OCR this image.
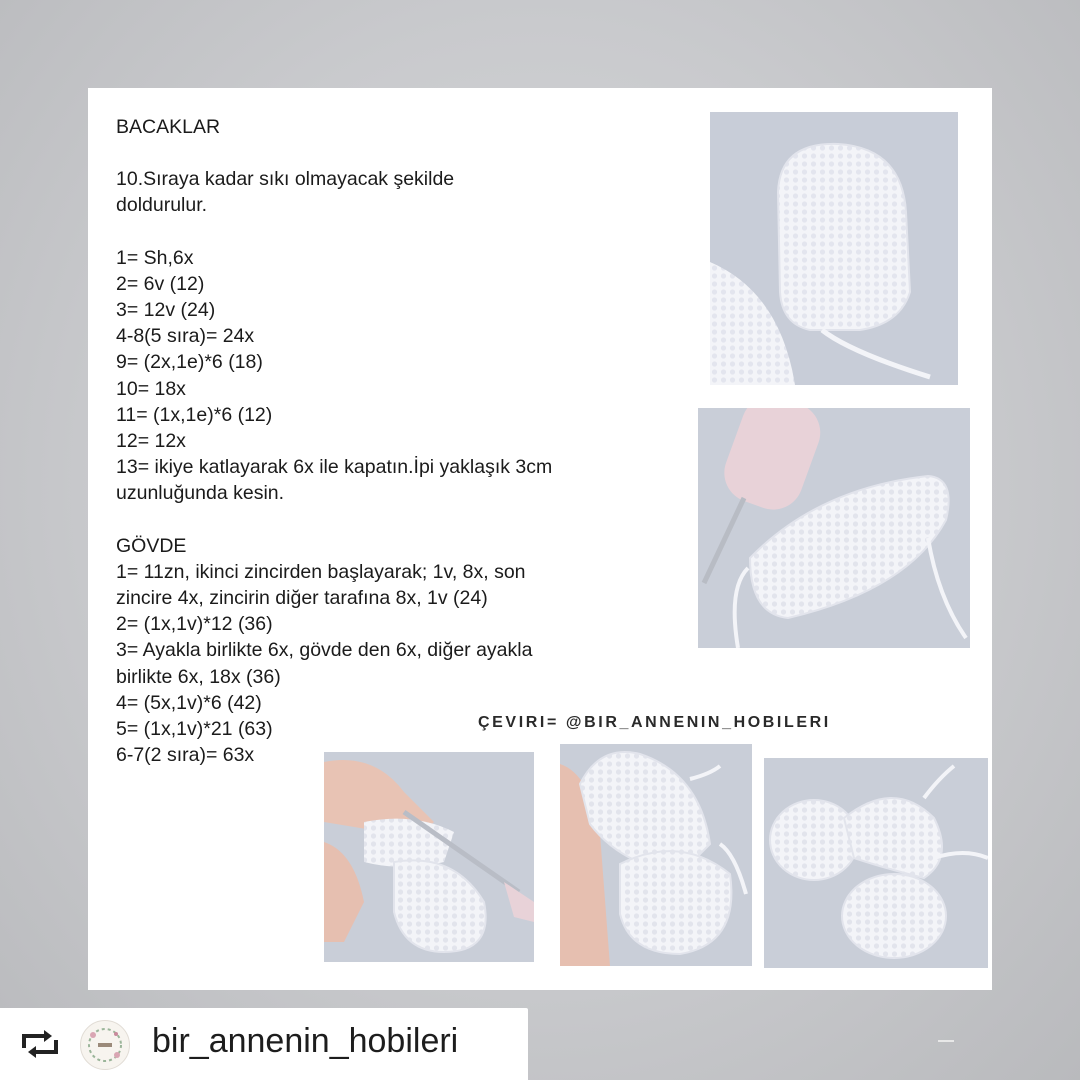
BACAKLAR
10.Sıraya kadar sıkı olmayacak şekilde doldurulur.
1= Sh,6x
2= 6v (12)
3= 12v (24)
4-8(5 sıra)= 24x
9= (2x,1e)*6 (18)
10= 18x
11= (1x,1e)*6 (12)
12= 12x
13= ikiye katlayarak 6x ile kapatın.İpi yaklaşık 3cm uzunluğunda kesin.
GÖVDE
1= 11zn, ikinci zincirden başlayarak; 1v, 8x, son zincire 4x, zincirin diğer tarafına 8x, 1v (24)
2= (1x,1v)*12 (36)
3= Ayakla birlikte 6x, gövde den 6x, diğer ayakla birlikte 6x, 18x (36)
4= (5x,1v)*6 (42)
5= (1x,1v)*21 (63)
6-7(2 sıra)= 63x
ÇEVIRI= @BIR_ANNENIN_HOBILERI
bir_annenin_hobileri
